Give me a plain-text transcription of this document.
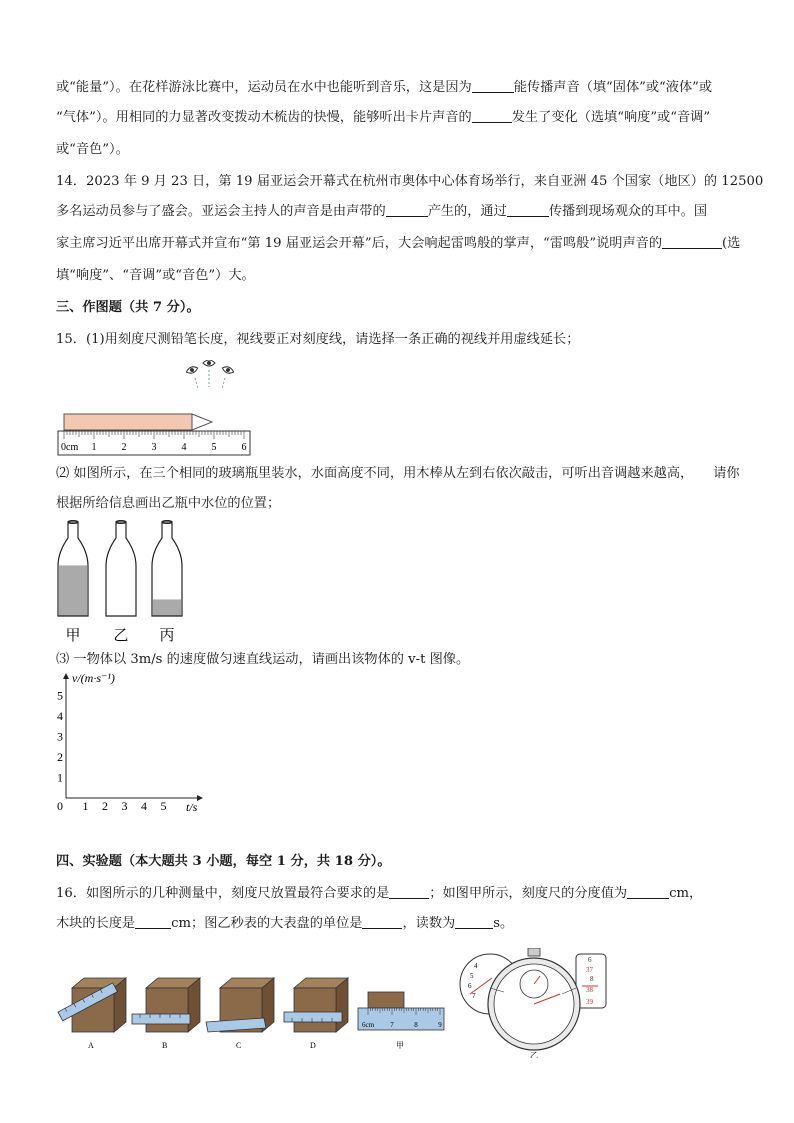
或“能量”）。在花样游泳比赛中，运动员在水中也能听到音乐，这是因为	能传播声音（填“固体”或“液体”或
“气体”）。用相同的力显著改变拨动木梳齿的快慢，能够听出卡片声音的	发生了变化（选填“响度”或“音调”
或“音色”）。
14．2023 年 9 月 23 日，第 19 届亚运会开幕式在杭州市奥体中心体育场举行，来自亚洲 45 个国家（地区）的 12500
多名运动员参与了盛会。亚运会主持人的声音是由声带的	产生的，通过	传播到现场观众的耳中。国
家主席习近平出席开幕式并宣布“第 19 届亚运会开幕”后，大会响起雷鸣般的掌声，“雷鸣般”说明声音的	(选
填“响度”、“音调”或“音色”）大。
三、作图题（共 7 分）。
15．(1)用刻度尺测铅笔长度，视线要正对刻度线，请选择一条正确的视线并用虚线延长；
0cm 1	2	3	4	5	6
⑵ 如图所示，在三个相同的玻璃瓶里装水，水面高度不同，用木棒从左到右依次敲击，可听出音调越来越高， 请你
根据所给信息画出乙瓶中水位的位置；
甲 乙 丙
⑶ 一物体以 3m/s 的速度做匀速直线运动，请画出该物体的 v-t 图像。
v/(m·s⁻¹)
t/s
0
1
2
3
4
5
1 2 3 4 5
四、实验题（本大题共 3 小题，每空 1 分，共 18 分）。
16．如图所示的几种测量中，刻度尺放置最符合要求的是	；如图甲所示，刻度尺的分度值为	cm，
木块的长度是	cm；图乙秒表的大表盘的单位是	，读数为	s。
A	B	C	D
6cm 7	8	9
甲
4
5
6
7
6
37
8
38
39
乙
